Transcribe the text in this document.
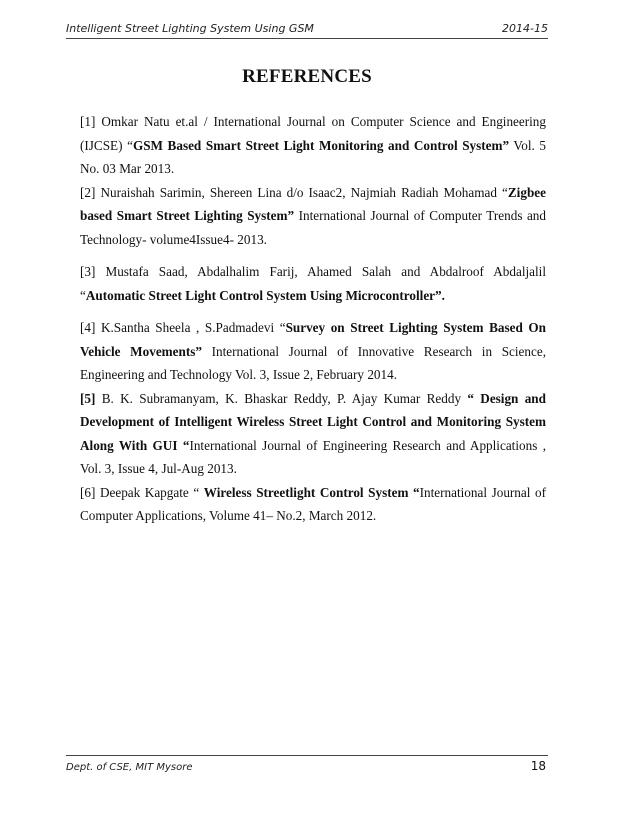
Intelligent Street Lighting System Using GSM	2014-15
REFERENCES

[1] Omkar Natu et.al / International Journal on Computer Science and Engineering (IJCSE) “GSM Based Smart Street Light Monitoring and Control System” Vol. 5 No. 03 Mar 2013.

[2] Nuraishah Sarimin, Shereen Lina d/o Isaac2, Najmiah Radiah Mohamad “Zigbee based Smart Street Lighting System” International Journal of Computer Trends and Technology- volume4Issue4- 2013.

[3] Mustafa Saad, Abdalhalim Farij, Ahamed Salah and Abdalroof Abdaljalil “Automatic Street Light Control System Using Microcontroller”.

[4] K.Santha Sheela , S.Padmadevi “Survey on Street Lighting System Based On Vehicle Movements” International Journal of Innovative Research in Science, Engineering and Technology Vol. 3, Issue 2, February 2014.

[5] B. K. Subramanyam, K. Bhaskar Reddy, P. Ajay Kumar Reddy “ Design and Development of Intelligent Wireless Street Light Control and Monitoring System Along With GUI “International Journal of Engineering Research and Applications , Vol. 3, Issue 4, Jul-Aug 2013.

[6] Deepak Kapgate “ Wireless Streetlight Control System “International Journal of Computer Applications, Volume 41– No.2, March 2012.

Dept. of CSE, MIT Mysore	18
